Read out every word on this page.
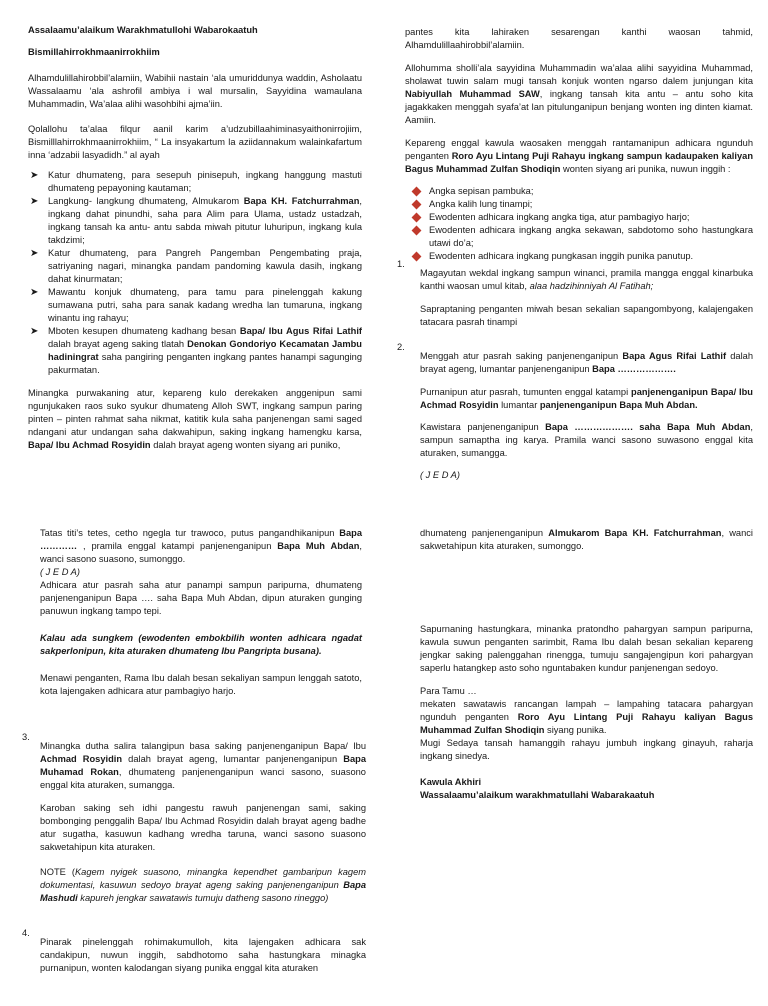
Assalaamu’alaikum Warakhmatullohi Wabarokaatuh

Bismillahirrokhmaanirrokhiim

Alhamdulillahirobbil’alamiin, Wabihii nastain ‘ala umuriddunya waddin, Asholaatu Wassalaamu ‘ala ashrofil ambiya i wal mursalin, Sayyidina wamaulana Muhammadin, Wa’alaa alihi wasohbihi ajma’iin.

Qolallohu ta’alaa filqur aanil karim a’udzubillaahiminasyaithonirrojiim, Bismilllahirrokhmaanirrokhiim, “ La insyakartum la aziidannakum walainkafartum inna ‘adzabii lasyadidh.” al ayah

➤ Katur dhumateng, para sesepuh pinisepuh, ingkang hanggung mastuti dhumateng pepayoning kautaman;
➤ Langkung- langkung dhumateng, Almukarom Bapa KH. Fatchurrahman, ingkang dahat pinundhi, saha para Alim para Ulama, ustadz ustadzah, ingkang tansah ka antu- antu sabda miwah pitutur luhuripun, ingkang kula takdzimi;
➤ Katur dhumateng, para Pangreh Pangemban Pengembating praja, satriyaning nagari, minangka pandam pandoming kawula dasih, ingkang dahat kinurmatan;
➤ Mawantu konjuk dhumateng, para tamu para pinelenggah kakung sumawana putri, saha para sanak kadang wredha lan tumaruna, ingkang winantu ing rahayu;
➤ Mboten kesupen dhumateng kadhang besan Bapa/ Ibu Agus Rifai Lathif dalah brayat ageng saking tlatah Denokan Gondoriyo Kecamatan Jambu hadiningrat saha pangiring penganten ingkang pantes hanampi sagunging pakurmatan.

Minangka purwakaning atur, kepareng kulo derekaken anggenipun sami ngunjukaken raos suko syukur dhumateng Alloh SWT, ingkang sampun paring pinten – pinten rahmat saha nikmat, katitik kula saha panjenengan sami saged ndangani atur undangan saha dakwahipun, saking ingkang hamengku karsa, Bapa/ Ibu Achmad Rosyidin dalah brayat ageng wonten siyang ari puniko,

pantes kita lahiraken sesarengan kanthi waosan tahmid, Alhamdulillaahirobbil’alamiin.

Allohumma sholli’ala sayyidina Muhammadin wa’alaa alihi sayyidina Muhammad, sholawat tuwin salam mugi tansah konjuk wonten ngarso dalem junjungan kita Nabiyullah Muhammad SAW, ingkang tansah kita antu – antu soho kita jagakkaken menggah syafa’at lan pitulunganipun benjang wonten ing dinten kiamat. Aamiin.

Kepareng enggal kawula waosaken menggah rantamanipun adhicara ngunduh penganten Roro Ayu Lintang Puji Rahayu ingkang sampun kadaupaken kaliyan Bagus Muhammad Zulfan Shodiqin wonten siyang ari punika, nuwun inggih :

Angka sepisan pambuka;
Angka kalih lung tinampi;
Ewodenten adhicara ingkang angka tiga, atur pambagiyo harjo;
Ewodenten adhicara ingkang angka sekawan, sabdotomo soho hastungkara utawi do’a;
Ewodenten adhicara ingkang pungkasan inggih punika panutup.
1.

Magayutan wekdal ingkang sampun winanci, pramila mangga enggal kinarbuka kanthi waosan umul kitab, alaa hadzihinniyah Al Fatihah;

Sapraptaning penganten miwah besan sekalian sapangombyong, kalajengaken tatacara pasrah tinampi

2.

Menggah atur pasrah saking panjenenganipun Bapa Agus Rifai Lathif dalah brayat ageng, lumantar panjenenganipun Bapa ……………….

Purnanipun atur pasrah, tumunten enggal katampi panjenenganipun Bapa/ Ibu Achmad Rosyidin lumantar panjenenganipun Bapa Muh Abdan.

Kawistara panjenenganipun Bapa ………………. saha Bapa Muh Abdan, sampun samaptha ing karya. Pramila wanci sasono suwasono enggal kita aturaken, sumangga.

( J E D A)

Tatas titi’s tetes, cetho ngegla tur trawoco, putus pangandhikanipun Bapa ………… , pramila enggal katampi panjenenganipun Bapa Muh Abdan, wanci sasono suasono, sumonggo.

( J E D A)

Adhicara atur pasrah saha atur panampi sampun paripurna, dhumateng panjenenganipun Bapa …. saha Bapa Muh Abdan, dipun aturaken gunging panuwun ingkang tampo tepi.

Kalau ada sungkem (ewodenten embokbilih wonten adhicara ngadat sakperlonipun, kita aturaken dhumateng Ibu Pangripta busana).

Menawi penganten, Rama Ibu dalah besan sekaliyan sampun lenggah satoto, kota lajengaken adhicara atur pambagiyo harjo.

3.

Minangka dutha salira talangipun basa saking panjenenganipun Bapa/ Ibu Achmad Rosyidin dalah brayat ageng, lumantar panjenenganipun Bapa Muhamad Rokan, dhumateng panjenenganipun wanci sasono, suasono enggal kita aturaken, sumangga.

Karoban saking seh idhi pangestu rawuh panjenengan sami, saking bombonging penggalih Bapa/ Ibu Achmad Rosyidin dalah brayat ageng badhe atur sugatha, kasuwun kadhang wredha taruna, wanci sasono suasono sakwetahipun kita aturaken.

NOTE (Kagem nyigek suasono, minangka kependhet gambaripun kagem dokumentasi, kasuwun sedoyo brayat ageng saking panjenenganipun Bapa Mashudi kapureh jengkar sawatawis tumuju datheng sasono rineggo)

4.

Pinarak pinelenggah rohimakumulloh, kita lajengaken adhicara sak candakipun, nuwun inggih, sabdhotomo saha hastungkara minagka purnanipun, wonten kalodangan siyang punika enggal kita aturaken

dhumateng panjenenganipun Almukarom Bapa KH. Fatchurrahman, wanci sakwetahipun kita aturaken, sumonggo.

Sapurnaning hastungkara, minanka pratondho pahargyan sampun paripurna, kawula suwun penganten sarimbit, Rama Ibu dalah besan sekalian kepareng jengkar saking palenggahan rinengga, tumuju sangajengipun kori pahargyan saperlu hatangkep asto soho nguntabaken kundur panjenengan sedoyo.

Para Tamu …

mekaten sawatawis rancangan lampah – lampahing tatacara pahargyan ngunduh penganten Roro Ayu Lintang Puji Rahayu kaliyan Bagus Muhammad Zulfan Shodiqin siyang punika.

Mugi Sedaya tansah hamanggih rahayu jumbuh ingkang ginayuh, raharja ingkang sinedya.

Kawula Akhiri

Wassalaamu’alaikum warakhmatullahi Wabarakaatuh
